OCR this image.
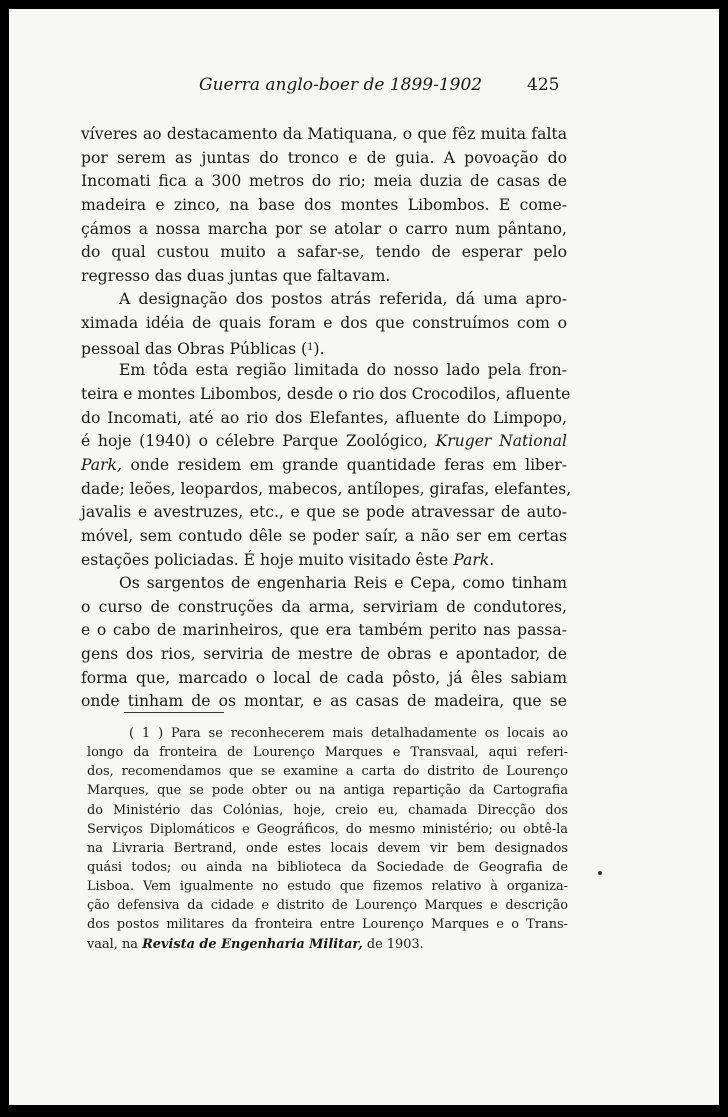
Guerra anglo-boer de 1899-1902	425
víveres ao destacamento da Matiquana, o que fêz muita falta
por serem as juntas do tronco e de guia. A povoação do
Incomati fica a 300 metros do rio; meia duzia de casas de
madeira e zinco, na base dos montes Libombos. E come-
çámos a nossa marcha por se atolar o carro num pântano,
do qual custou muito a safar-se, tendo de esperar pelo
regresso das duas juntas que faltavam.
A designação dos postos atrás referida, dá uma apro-
ximada idéia de quais foram e dos que construímos com o
pessoal das Obras Públicas ($^1$).
Em tôda esta região limitada do nosso lado pela fron-
teira e montes Libombos, desde o rio dos Crocodilos, afluente
do Incomati, até ao rio dos Elefantes, afluente do Limpopo,
é hoje (1940) o célebre Parque Zoológico, Kruger National
Park, onde residem em grande quantidade feras em liber-
dade; leões, leopardos, mabecos, antílopes, girafas, elefantes,
javalis e avestruzes, etc., e que se pode atravessar de auto-
móvel, sem contudo dêle se poder saír, a não ser em certas
estações policiadas. É hoje muito visitado êste Park.
Os sargentos de engenharia Reis e Cepa, como tinham
o curso de construções da arma, serviriam de condutores,
e o cabo de marinheiros, que era também perito nas passa-
gens dos rios, serviria de mestre de obras e apontador, de
forma que, marcado o local de cada pôsto, já êles sabiam
onde tinham de os montar, e as casas de madeira, que se
( 1 ) Para se reconhecerem mais detalhadamente os locais ao
longo da fronteira de Lourenço Marques e Transvaal, aqui referi-
dos, recomendamos que se examine a carta do distrito de Lourenço
Marques, que se pode obter ou na antiga repartição da Cartografia
do Ministério das Colónias, hoje, creio eu, chamada Direcção dos
Serviços Diplomáticos e Geográficos, do mesmo ministério; ou obtê-la
na Livraria Bertrand, onde estes locais devem vir bem designados
quási todos; ou ainda na biblioteca da Sociedade de Geografia de
Lisboa. Vem igualmente no estudo que fizemos relativo à organiza-
ção defensiva da cidade e distrito de Lourenço Marques e descrição
dos postos militares da fronteira entre Lourenço Marques e o Trans-
vaal, na Revista de Engenharia Militar, de 1903.
